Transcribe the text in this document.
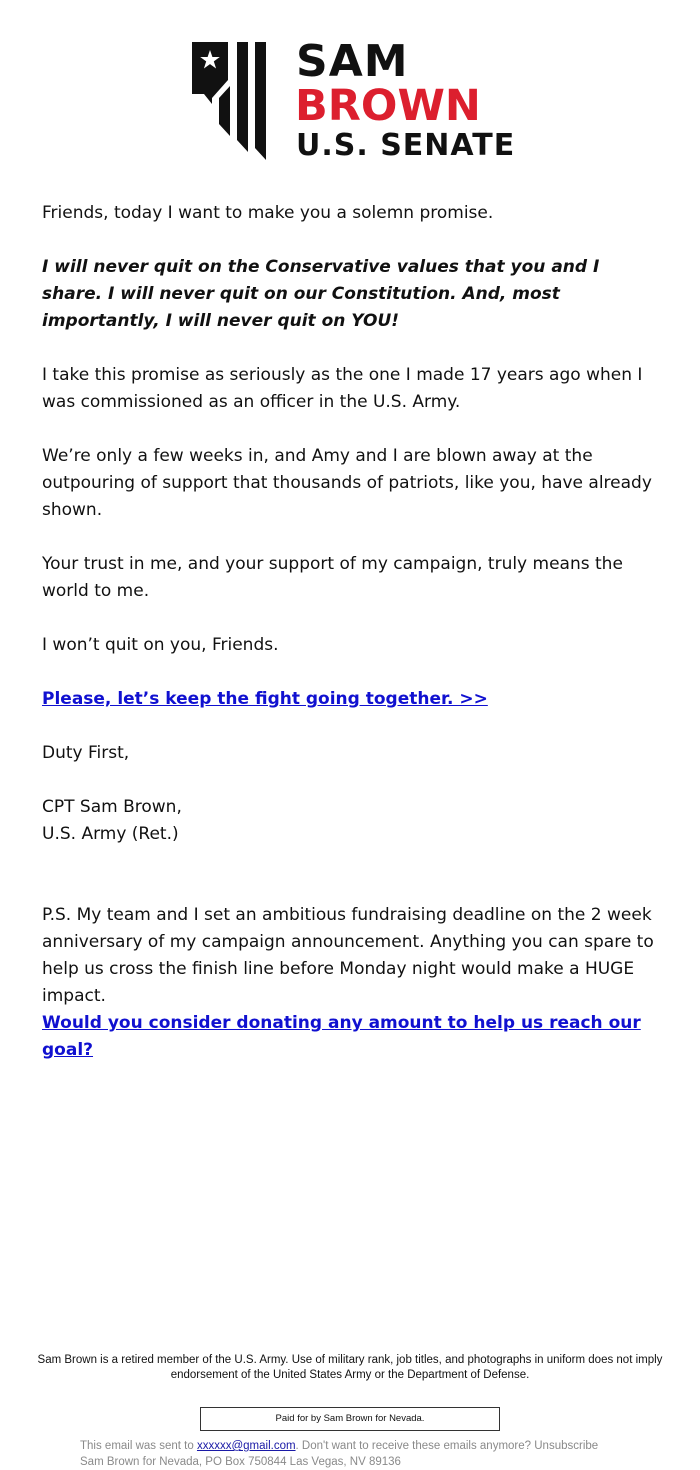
SAM
BROWN
U.S. SENATE

Friends, today I want to make you a solemn promise.

I will never quit on the Conservative values that you and I share. I will never quit on our Constitution. And, most importantly, I will never quit on YOU!

I take this promise as seriously as the one I made 17 years ago when I was commissioned as an officer in the U.S. Army.

We’re only a few weeks in, and Amy and I are blown away at the outpouring of support that thousands of patriots, like you, have already shown.

Your trust in me, and your support of my campaign, truly means the world to me.

I won’t quit on you, Friends.

Please, let’s keep the fight going together. >>

Duty First,

CPT Sam Brown,
U.S. Army (Ret.)

P.S. My team and I set an ambitious fundraising deadline on the 2 week anniversary of my campaign announcement. Anything you can spare to help us cross the finish line before Monday night would make a HUGE impact.
Would you consider donating any amount to help us reach our goal?

Sam Brown is a retired member of the U.S. Army. Use of military rank, job titles, and photographs in uniform does not imply endorsement of the United States Army or the Department of Defense.
Paid for by Sam Brown for Nevada.
This email was sent to xxxxxx@gmail.com. Don't want to receive these emails anymore? Unsubscribe
Sam Brown for Nevada, PO Box 750844 Las Vegas, NV 89136
